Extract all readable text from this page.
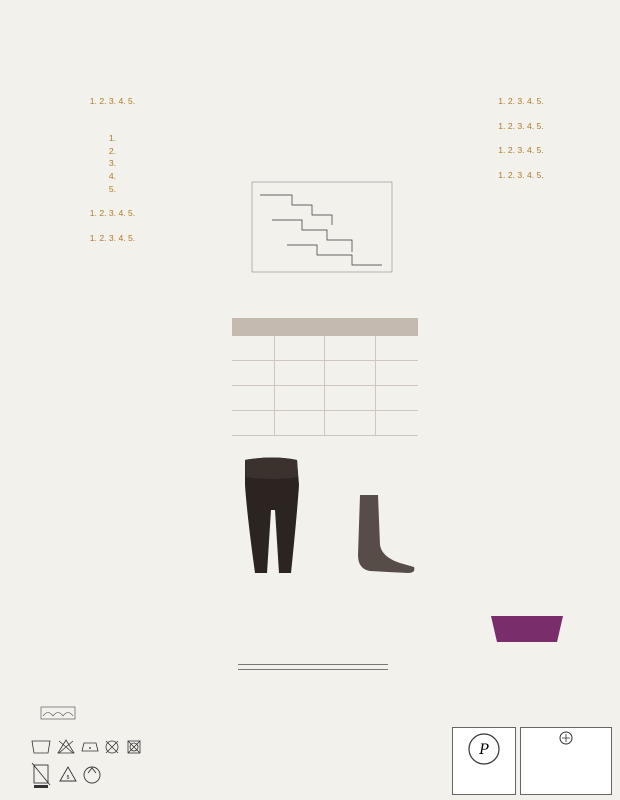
1. 2. 3. 4. 5.

1.
2.
3.
4.
5.

1. 2. 3. 4. 5.

1. 2. 3. 4. 5.

1. 2. 3. 4. 5.

1. 2. 3. 4. 5.

1. 2. 3. 4. 5.

1. 2. 3. 4. 5.

5
P
